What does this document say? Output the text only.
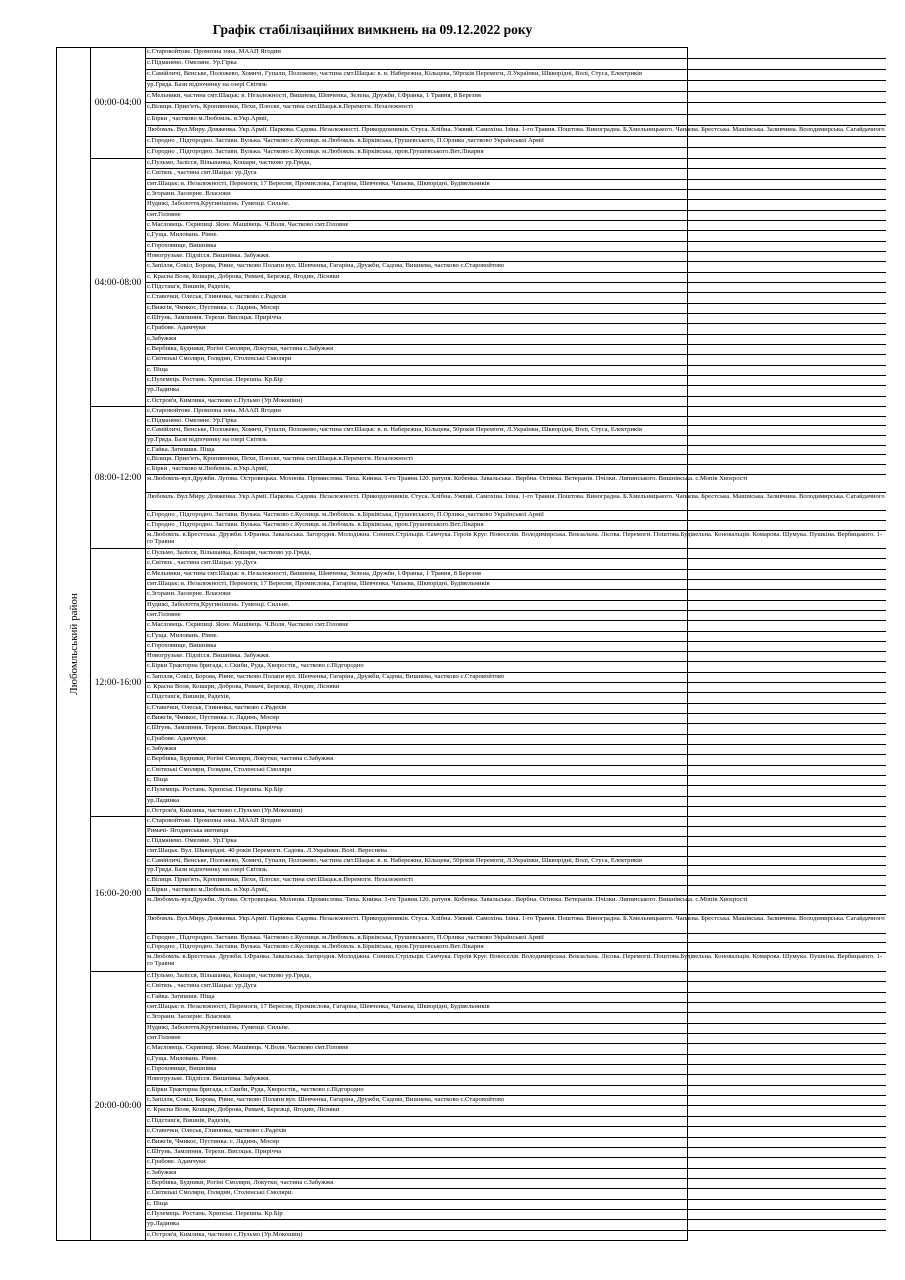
Графік стабілізаційних вимкнень на 09.12.2022 року
Любомльський район
00:00-04:00
с.Старовойтове. Промзона зона. МААП Ягодин
с.Підманево. Омеляне. Ур.Гірка
с.Самійличі, Венське, Положево, Хомичі, Гупали, Положево, частина смт.Шацьк: в. в. Набережна, Кільцева, 50років Перемоги, Л.Українки, Шкворідні, Волі, Стуса, Електриків
ур.Гряда. Бази відпочинку на озері Світязь
с.Мельники, частина смт.Шацьк: в. Незалежності, Вишнева, Шевченка, Зелена, Дружби, І.Франка, 1 Травня, 8 Березня
с.Вілиця. Прип'ять, Кропивники, Пехи, Плоске, частина смт.Шацьк.в.Перемоги. Незалежності
с.Бірки , частково м.Любомль. в.Укр.Армії,
Любомль. Вул.Миру. Довженка. Укр.Армії. Паркова. Садова. Незалежності. Прикордонників. Стуса. Хлібна. Ужвий. Самохіна. Ізіна. 1-го Травня. Поштова. Виноградна. Б.Хмельницького. Чапаєва. Брестська. Машівська. Заливчина. Володимирська. Сагайдачного
с.Городно , Підгородно. Застави. Вулька. Частково с.Кусниця. м.Любомль. в.Бірківська, Грушевського, П.Орлика ,частково Української Армії
с.Городно , Підгородно. Застави. Вулька. Частково с.Кусниця. м.Любомль. в.Бірківська, пров.Грушевського.Вет.Лікарня
04:00-08:00
с.Пульмо, Залісся, Вільшанка, Кошари, частково ур.Гряда,
с.Світязь , частина смт.Шацьк: ур.Дуга
смт.Шацьк: в. Незалежності, Перемоги, 17 Вересня, Промислова, Гагаріна, Шевченка, Чапаєва, Шкворідні, Будівельників
с.Згорани. Заозерне. Власюки
Нудижі, Заболоття,Кругинішень. Гуменці. Сильне.
смт.Головне
с.Масловець. Скрипиці. Ясне. Машівець. Ч.Воля. Частково смт.Головне
с.Гуща. Миловань. Рівне.
с.Гороховище, Вишнівка
Новогрузьке. Підлісся. Вишнівка. Забужжя.
с.Запілля, Сокіл, Борова, Рівне, частково Полапи вул. Шевченка, Гагаріна, Дружби, Садова, Вишнева, частково с.Старовойтово
с. Красна Воля, Кошари, Доброва, Римачі, Бережці, Ягодин, Лісняки
с.Підсташ'я, Вишнів, Радехів,
с.Ставочки, Олеськ, Глинянка, частково с.Радехів
с.Вижгів, Чмикос, Пустинка. с. Ладинь, Мосир
с.Штунь. Замлиння. Терехи. Висоцьк. Прирічча
с.Грабове. Адамчуки
с.Забужжя
с.Вербівка, Будники, Рогіні Смоляри, Локутки, частина с.Забужжя
с.Світязькі Смоляри, Голядин, Столенські Смоляри
с. Піща
с.Пулемець. Ростань. Хрипськ. Перешпа. Кр.Бір
ур.Ладинка
с.Остров'я, Кимлика, частково с.Пульмо (Ур.Мокошин)
08:00-12:00
с.Старовойтове. Промзона зона. МААП Ягодин
с.Підманево. Омеляне. Ур.Гірка
с.Самійличі, Венське, Положево, Хомичі, Гупали, Положево, частина смт.Шацьк: в. в. Набережна, Кільцева, 50років Перемоги, Л.Українки, Шкворідні, Волі, Стуса, Електриків
ур.Гряда. Бази відпочинку на озері Світязь
с.Гайка. Затишшя. Піща
с.Вілиця. Прип'ять, Кропивники, Пехи, Плоске, частина смт.Шацьк.в.Перемоги. Незалежності
с.Бірки , частково м.Любомль. в.Укр.Армії,
м.Любомль-вул.Дружби. Луґова. Островецька. Мохнова. Промислова. Тиха. Книжа. 1-го Травня.120. ратуня. Кобенка. Завальська . Вербна. Огінека. Ветеранів. Пчілки. Липинського. Вишнівська. с.Мопів Хвоєрості
Любомль. Вул.Миру. Довженка. Укр.Армії. Паркова. Садова. Незалежності. Прикордонників. Стуса. Хлібна. Ужвий. Самохіна. Ізіна. 1-го Травня. Поштова. Виноградна. Б.Хмельницького. Чапаєва. Брестська. Машівська. Заливчина. Володимирська. Сагайдачного
с.Городно , Підгородно. Застави. Вулька. Частково с.Кусниця. м.Любомль. в.Бірківська, Грушевського, П.Орлика ,частково Української Армії
с.Городно , Підгородно. Застави. Вулька. Частково с.Кусниця. м.Любомль. в.Бірківська, пров.Грушевського.Вет.Лікарня
м.Любомль. в.Брестська. Дружби. І.Франка. Завальська. Загородня. Молодіжна. Сонних.Стрільців. Самчука. Героїв Круг. Новоселів. Володимирська. Вокзальна. Лісова. Перемоги. Поштова.Будівельна. Коновальців. Комарова. Шумука. Пушкіна. Вербицького. 1-го Травня
12:00-16:00
с.Пульмо, Залісся, Вільшанка, Кошари, частково ур.Гряда,
с.Світязь , частина смт.Шацьк: ур.Дуга
с.Мельники, частина смт.Шацьк: в. Незалежності, Вишнева, Шевченка, Зелена, Дружби, І.Франка, 1 Травня, 8 Березня
смт.Шацьк: в. Незалежності, Перемоги, 17 Вересня, Промислова, Гагаріна, Шевченка, Чапаєва, Шкворідні, Будівельників
с.Згорани. Заозерне. Власюки
Нудижі, Заболоття,Кругинішень. Гуменці. Сильне.
смт.Головне
с.Масловець. Скрипиці. Ясне. Машівець. Ч.Воля. Частково смт.Головне
с.Гуща. Миловань. Рівне.
с.Гороховище, Вишнівка
Новогрузьке. Підлісся. Вишнівка. Забужжя.
с.Бірки Тракторна бригада, с.Скиби, Руда, Хворостів,, частково с.Підгородно
с.Запілля, Сокіл, Борова, Рівне, частково Полапи вул. Шевченка, Гагаріна, Дружби, Садова, Вишнева, частково с.Старовойтово
с. Красна Воля, Кошари, Доброва, Римачі, Бережці, Ягодин, Лісняки
с.Підсташ'я, Вишнів, Радехів,
с.Ставочки, Олеськ, Глинянка, частково с.Радехів
с.Вижгів, Чмикос, Пустинка. с. Ладинь, Мосир
с.Штунь. Замлиння. Терехи. Висоцьк. Прирічча
с.Грабове. Адамчуки
с.Забужжя
с.Вербівка, Будники, Рогіні Смоляри, Локутки, частина с.Забужжя
с.Світязькі Смоляри, Голядин, Столенські Смоляри
с. Піща
с.Пулемець. Ростань. Хрипськ. Перешпа. Кр.Бір
ур.Ладинка
с.Остров'я, Кимлика, частково с.Пульмо (Ур.Мокошин)
16:00-20:00
с.Старовойтове. Промзона зона. МААП Ягодин
Римачі- Ягодинська митниця
с.Підманево. Омеляне. Ур.Гірка
смт.Шацьк. Вул. Шкворідні. 40 років Перемоги. Садова. Л.Українки. Волі. Вереснева
с.Самійличі, Венське, Положево, Хомичі, Гупали, Положево, частина смт.Шацьк: в. в. Набережна, Кільцева, 50років Перемоги, Л.Українки, Шкворідні, Волі, Стуса, Електриків
ур.Гряда. Бази відпочинку на озері Світязь
с.Вілиця. Прип'ять, Кропивники, Пехи, Плоске, частина смт.Шацьк.в.Перемоги. Незалежності
с.Бірки , частково м.Любомль. в.Укр.Армії,
м.Любомль-вул.Дружби. Луґова. Островецька. Мохнова. Промислова. Тиха. Книжа. 1-го Травня.120. ратуня. Кобенка. Завальська . Вербна. Огінека. Ветеранів. Пчілки. Липинського. Вишнівська. с.Мопів Хвоєрості
Любомль. Вул.Миру. Довженка. Укр.Армії. Паркова. Садова. Незалежності. Прикордонників. Стуса. Хлібна. Ужвий. Самохіна. Ізіна. 1-го Травня. Поштова. Виноградна. Б.Хмельницького. Чапаєва. Брестська. Машівська. Заливчина. Володимирська. Сагайдачного
с.Городно , Підгородно. Застави. Вулька. Частково с.Кусниця. м.Любомль. в.Бірківська, Грушевського, П.Орлика ,частково Української Армії
с.Городно , Підгородно. Застави. Вулька. Частково с.Кусниця. м.Любомль. в.Бірківська, пров.Грушевського.Вет.Лікарня
м.Любомль. в.Брестська. Дружби. І.Франка. Завальська. Загородня. Молодіжна. Сонних.Стрільців. Самчука. Героїв Круг. Новоселів. Володимирська. Вокзальна. Лісова. Перемоги. Поштова.Будівельна. Коновальців. Комарова. Шумука. Пушкіна. Вербицького. 1-го Травня
20:00-00:00
с.Пульмо, Залісся, Вільшанка, Кошари, частково ур.Гряда,
с.Світязь , частина смт.Шацьк: ур.Дуга
с.Гайка. Затишшя. Піща
смт.Шацьк: в. Незалежності, Перемоги, 17 Вересня, Промислова, Гагаріна, Шевченка, Чапаєва, Шкворідні, Будівельників
с.Згорани. Заозерне. Власюки
Нудижі, Заболоття,Кругинішень. Гуменці. Сильне.
смт.Головне
с.Масловець. Скрипиці. Ясне. Машівець. Ч.Воля. Частково смт.Головне
с.Гуща. Миловань. Рівне.
с.Гороховище, Вишнівка
Новогрузьке. Підлісся. Вишнівка. Забужжя.
с.Бірки Тракторна бригада, с.Скиби, Руда, Хворостів,, частково с.Підгородно
с.Запілля, Сокіл, Борова, Рівне, частково Полапи вул. Шевченка, Гагаріна, Дружби, Садова, Вишнева, частково с.Старовойтово
с. Красна Воля, Кошари, Доброва, Римачі, Бережці, Ягодин, Лісняки
с.Підсташ'я, Вишнів, Радехів,
с.Ставочки, Олеськ, Глинянка, частково с.Радехів
с.Вижгів, Чмикос, Пустинка. с. Ладинь, Мосир
с.Штунь. Замлиння. Терехи. Висоцьк. Прирічча
с.Грабове. Адамчуки
с.Забужжя
с.Вербівка, Будники, Рогіні Смоляри, Локутки, частина с.Забужжя
с.Світязькі Смоляри, Голядин, Столенські Смоляри.
с. Піща
с.Пулемець. Ростань. Хрипськ. Перешпа. Кр.Бір
ур.Ладинка
с.Остров'я, Кимлика, частково с.Пульмо (Ур.Мокошин)
